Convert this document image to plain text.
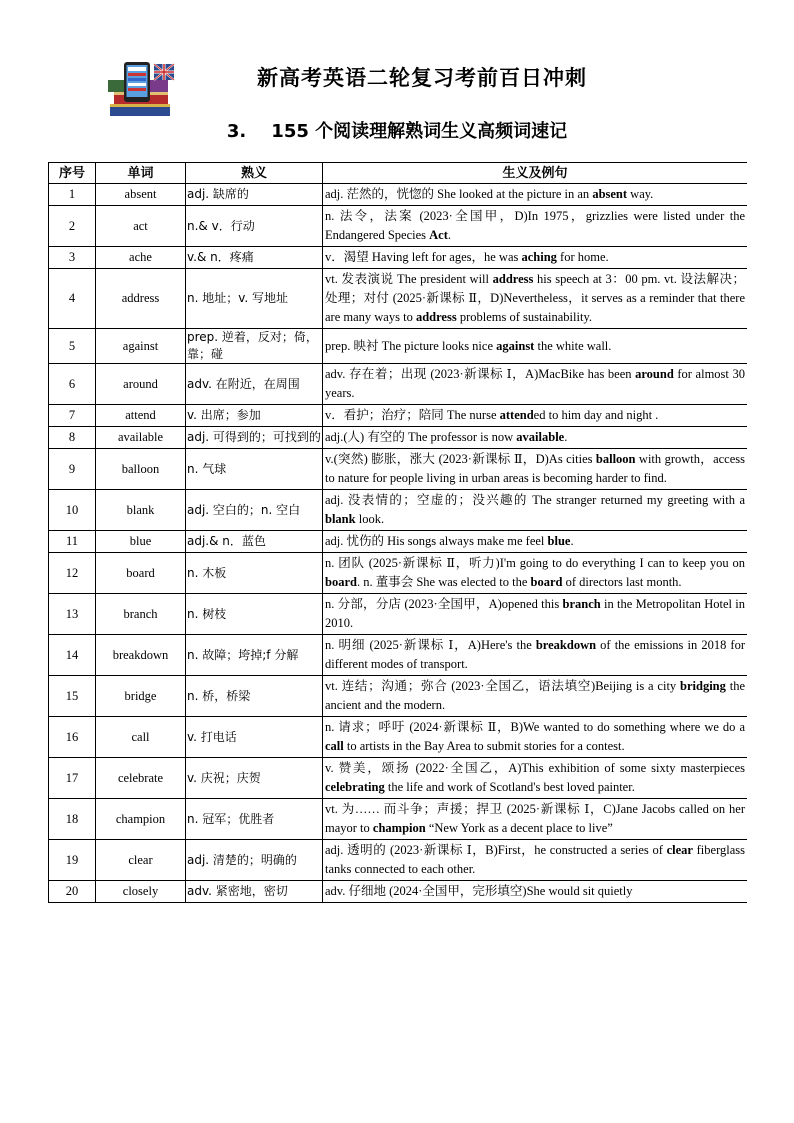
新高考英语二轮复习考前百日冲刺
3.    155 个阅读理解熟词生义高频词速记
序号	单词	熟义	生义及例句
1	absent	adj. 缺席的	adj. 茫然的，恍惚的 She looked at the picture in an absent way.
2	act	n.& v．行动	n. 法令，法案 (2023·全国甲，D)In 1975，grizzlies were listed under the Endangered Species Act.
3	ache	v.& n．疼痛	v．渴望 Having left for ages，he was aching for home.
4	address	n. 地址；v. 写地址	vt. 发表演说 The president will address his speech at 3：00 pm. vt. 设法解决；处理；对付 (2025·新课标 Ⅱ，D)Nevertheless，it serves as a reminder that there are many ways to address problems of sustainability.
5	against	prep. 逆着，反对；倚，靠；碰	prep. 映衬 The picture looks nice against the white wall.
6	around	adv. 在附近，在周围	adv. 存在着；出现 (2023·新课标 Ⅰ，A)MacBike has been around for almost 30 years.
7	attend	v. 出席；参加	v．看护；治疗；陪同 The nurse attended to him day and night .
8	available	adj. 可得到的；可找到的	adj.(人) 有空的 The professor is now available.
9	balloon	n. 气球	v.(突然) 膨胀，涨大 (2023·新课标 Ⅱ，D)As cities balloon with growth，access to nature for people living in urban areas is becoming harder to find.
10	blank	adj. 空白的；n. 空白	adj. 没表情的；空虚的；没兴趣的 The stranger returned my greeting with a blank look.
11	blue	adj.& n．蓝色	adj. 忧伤的 His songs always make me feel blue.
12	board	n. 木板	n. 团队 (2025·新课标 Ⅱ，听力)I'm going to do everything I can to keep you on board. n. 董事会 She was elected to the board of directors last month.
13	branch	n. 树枝	n. 分部，分店 (2023·全国甲，A)opened this branch in the Metropolitan Hotel in 2010.
14	breakdown	n. 故障；垮掉;f 分解	n. 明细 (2025·新课标 Ⅰ，A)Here's the breakdown of the emissions in 2018 for different modes of transport.
15	bridge	n. 桥，桥梁	vt. 连结；沟通；弥合 (2023·全国乙，语法填空)Beijing is a city bridging the ancient and the modern.
16	call	v. 打电话	n. 请求；呼吁 (2024·新课标 Ⅱ，B)We wanted to do something where we do a call to artists in the Bay Area to submit stories for a contest.
17	celebrate	v. 庆祝；庆贺	v. 赞美，颂扬 (2022·全国乙，A)This exhibition of some sixty masterpieces celebrating the life and work of Scotland's best loved painter.
18	champion	n. 冠军；优胜者	vt. 为…… 而斗争；声援；捍卫 (2025·新课标 Ⅰ，C)Jane Jacobs called on her mayor to champion “New York as a decent place to live”
19	clear	adj. 清楚的；明确的	adj. 透明的 (2023·新课标 Ⅰ，B)First，he constructed a series of clear fiberglass tanks connected to each other.
20	closely	adv. 紧密地，密切	adv. 仔细地 (2024·全国甲，完形填空)She would sit quietly
